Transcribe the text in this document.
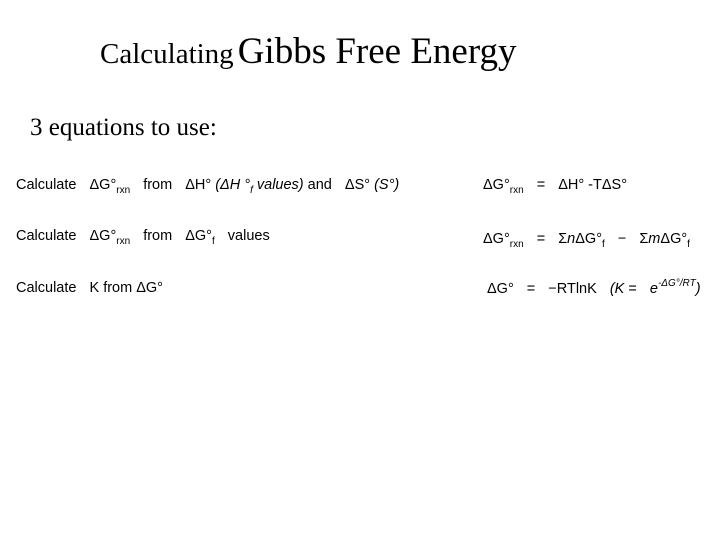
Calculating Gibbs Free Energy
3 equations to use:
Calculate $\Delta G^\circ_{rxn}$ from ΔH° (ΔH $^\circ_f$ values) and ΔS° (S°)	$\Delta G^\circ_{rxn} = \Delta H^\circ$ -TΔS°
Calculate $\Delta G^\circ_{rxn}$ from $\Delta G^\circ_f$ values	$\Delta G^\circ_{rxn} = \Sigma n\Delta G^\circ_f - \Sigma m\Delta G^\circ_f$
Calculate K from ΔG°	ΔG° = −RTlnK $(K = e^{-\Delta G^\circ/RT})$
